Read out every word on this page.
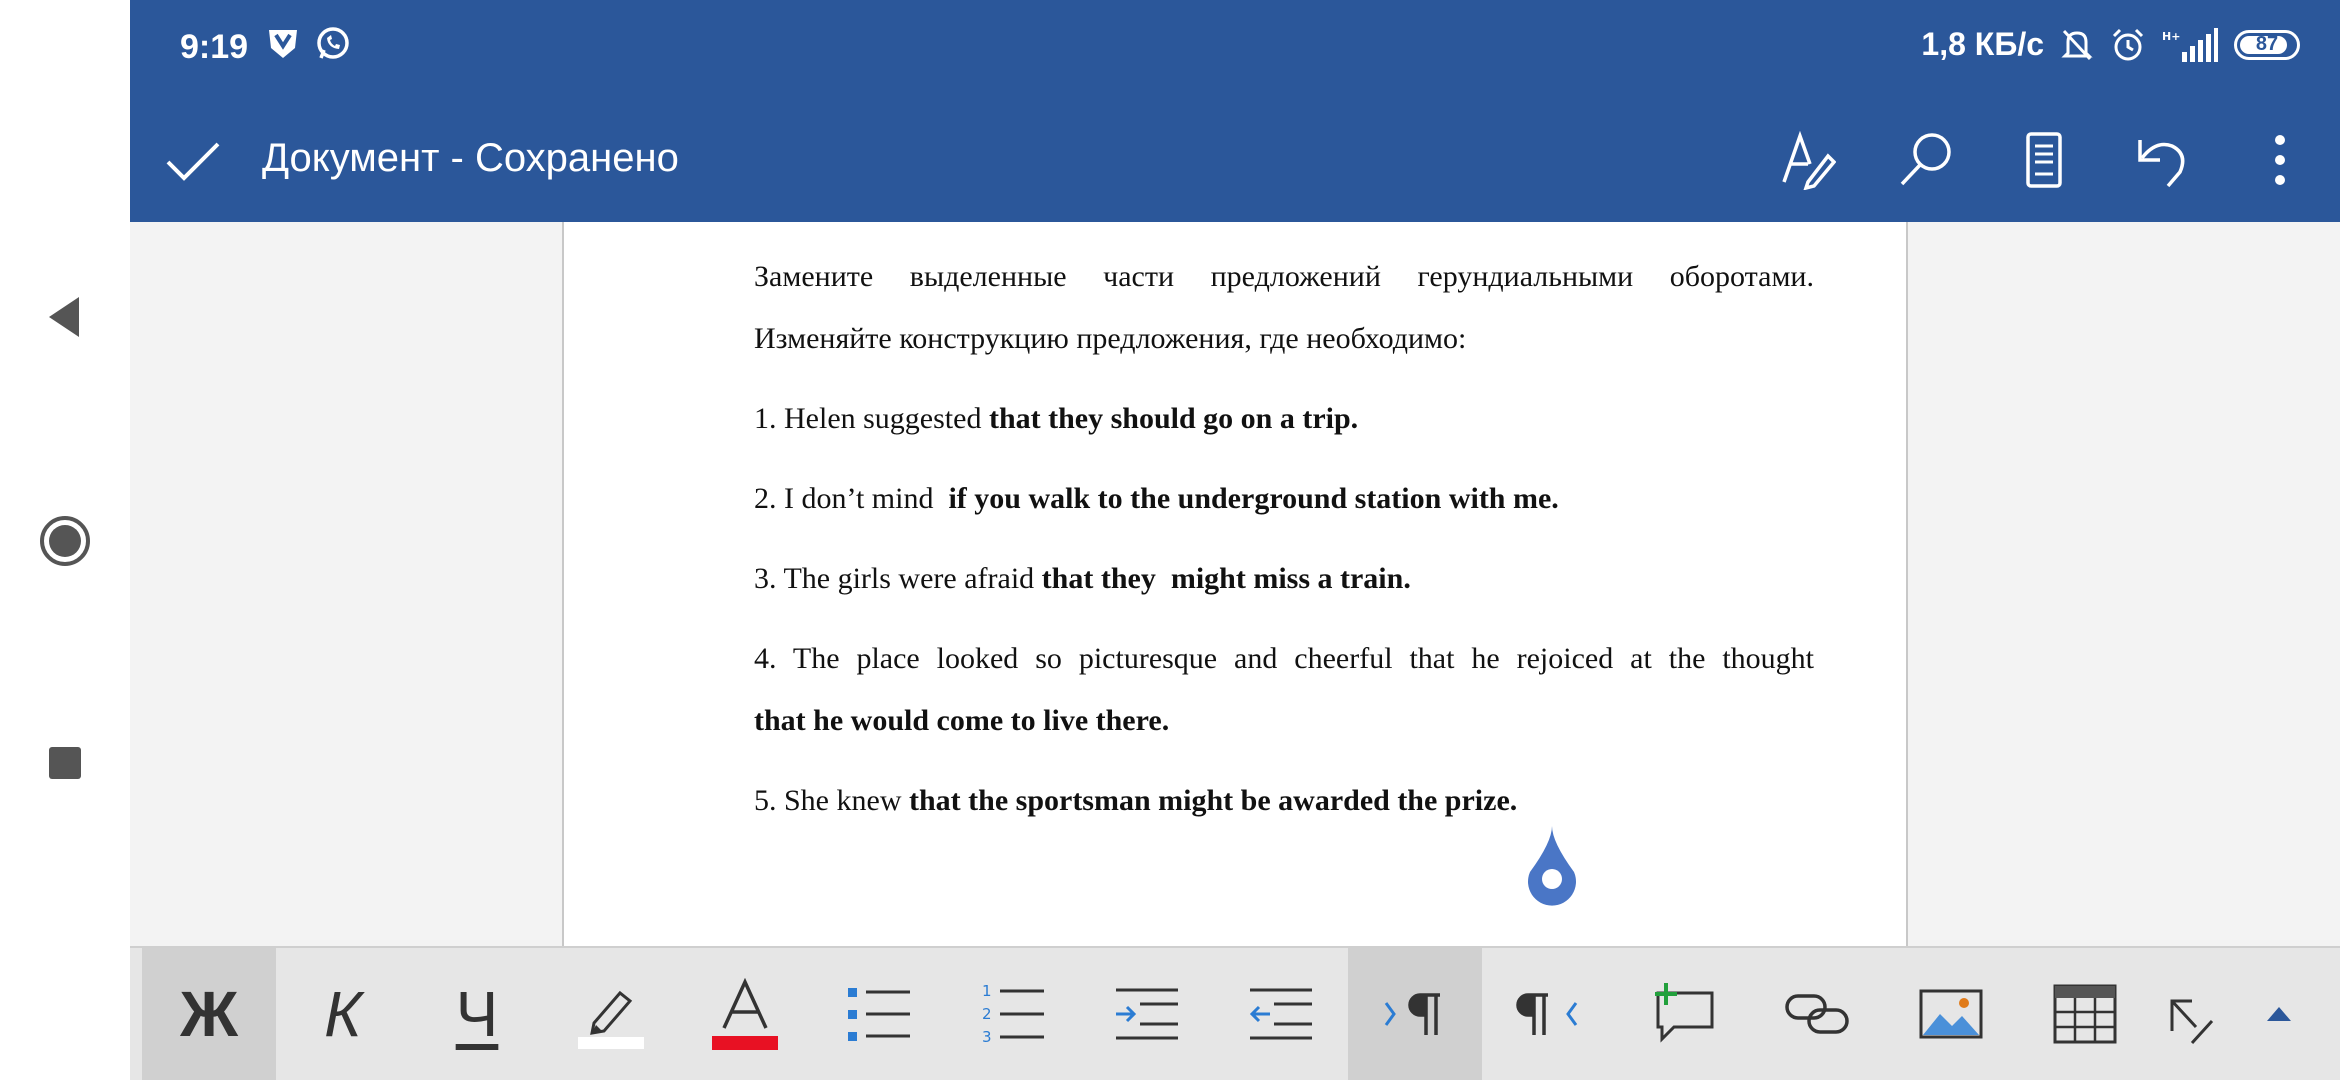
9:19	1,8 КБ/с	H+	87
Документ - Сохранено
Замените выделенные части предложений герундиальными оборотами.
Изменяйте конструкцию предложения, где необходимо:
1. Helen suggested that they should go on a trip.
2. I don’t mind  if you walk to the underground station with me.
3. The girls were afraid that they  might miss a train.
4. The place looked so picturesque and cheerful that he rejoiced at the thought
that he would come to live there.
5. She knew that the sportsman might be awarded the prize.
Ж К Ч	1
2
3
